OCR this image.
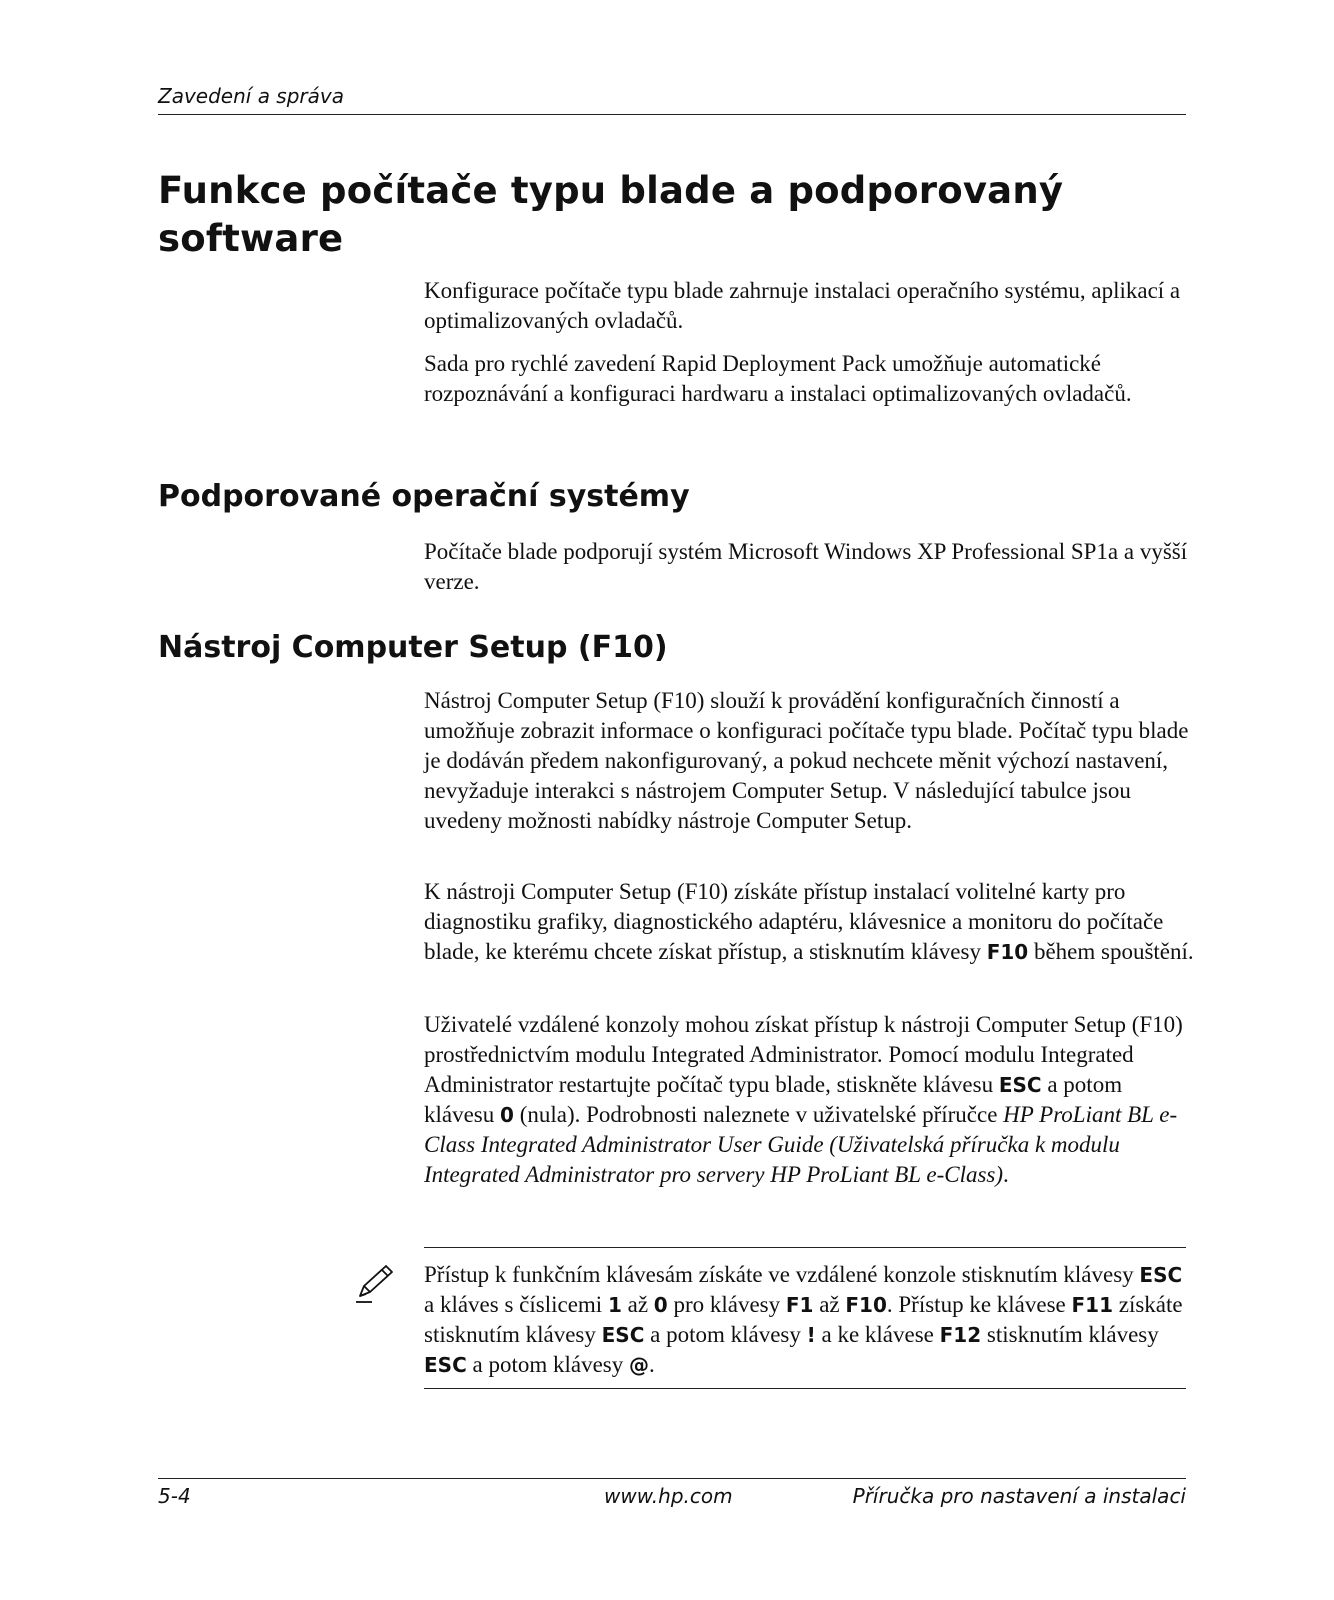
Zavedení a správa
Funkce počítače typu blade a podporovaný software

Konfigurace počítače typu blade zahrnuje instalaci operačního systému, aplikací a optimalizovaných ovladačů.

Sada pro rychlé zavedení Rapid Deployment Pack umožňuje automatické rozpoznávání a konfiguraci hardwaru a instalaci optimalizovaných ovladačů.

Podporované operační systémy

Počítače blade podporují systém Microsoft Windows XP Professional SP1a a vyšší verze.

Nástroj Computer Setup (F10)

Nástroj Computer Setup (F10) slouží k provádění konfiguračních činností a umožňuje zobrazit informace o konfiguraci počítače typu blade. Počítač typu blade je dodáván předem nakonfigurovaný, a pokud nechcete měnit výchozí nastavení, nevyžaduje interakci s nástrojem Computer Setup. V následující tabulce jsou uvedeny možnosti nabídky nástroje Computer Setup.

K nástroji Computer Setup (F10) získáte přístup instalací volitelné karty pro diagnostiku grafiky, diagnostického adaptéru, klávesnice a monitoru do počítače blade, ke kterému chcete získat přístup, a stisknutím klávesy F10 během spouštění.

Uživatelé vzdálené konzoly mohou získat přístup k nástroji Computer Setup (F10) prostřednictvím modulu Integrated Administrator. Pomocí modulu Integrated Administrator restartujte počítač typu blade, stiskněte klávesu ESC a potom klávesu 0 (nula). Podrobnosti naleznete v uživatelské příručce HP ProLiant BL e-Class Integrated Administrator User Guide (Uživatelská příručka k modulu Integrated Administrator pro servery HP ProLiant BL e-Class).

Přístup k funkčním klávesám získáte ve vzdálené konzole stisknutím klávesy ESC a kláves s číslicemi 1 až 0 pro klávesy F1 až F10. Přístup ke klávese F11 získáte stisknutím klávesy ESC a potom klávesy ! a ke klávese F12 stisknutím klávesy ESC a potom klávesy @.

5-4	www.hp.com	Příručka pro nastavení a instalaci
